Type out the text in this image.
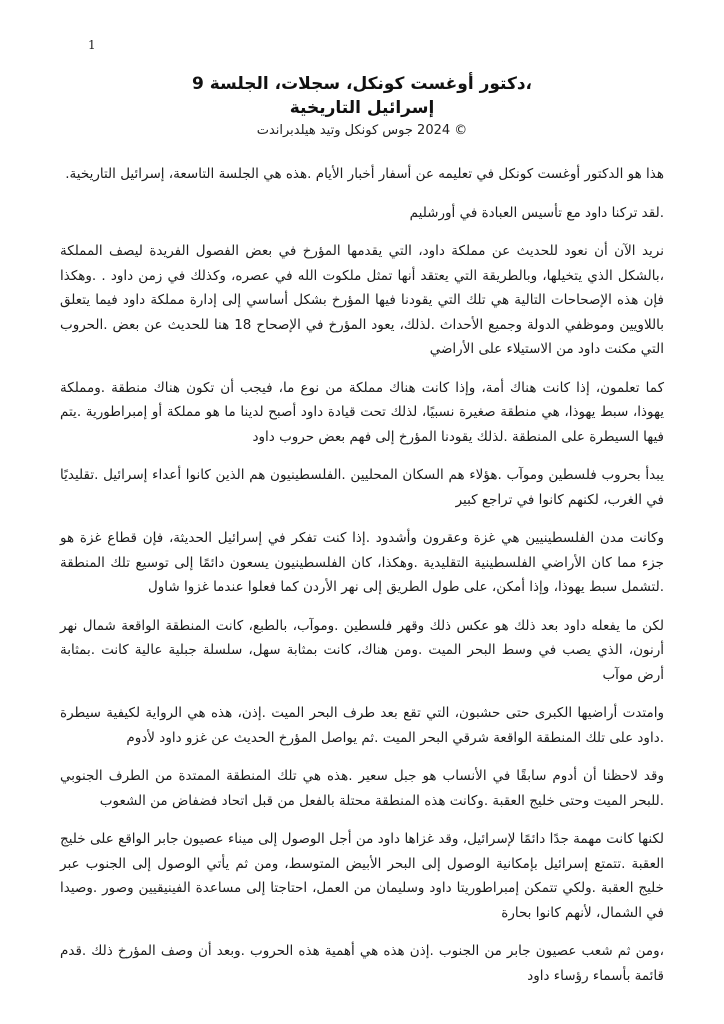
1
،دكتور أوغست كونكل، سجلات، الجلسة 9
إسرائيل التاريخية
© 2024 جوس كونكل وتيد هيلدبراندت

هذا هو الدكتور أوغست كونكل في تعليمه عن أسفار أخبار الأيام .هذه هي الجلسة التاسعة، إسرائيل التاريخية.

.لقد تركنا داود مع تأسيس العبادة في أورشليم

نريد الآن أن نعود للحديث عن مملكة داود، التي يقدمها المؤرخ في بعض الفصول الفريدة ليصف المملكة ،بالشكل الذي يتخيلها، وبالطريقة التي يعتقد أنها تمثل ملكوت الله في عصره، وكذلك في زمن داود . .وهكذا فإن هذه الإصحاحات التالية هي تلك التي يقودنا فيها المؤرخ بشكل أساسي إلى إدارة مملكة داود فيما يتعلق باللاويين وموظفي الدولة وجميع الأحداث .لذلك، يعود المؤرخ في الإصحاح 18 هنا للحديث عن بعض .الحروب التي مكنت داود من الاستيلاء على الأراضي

كما تعلمون، إذا كانت هناك أمة، وإذا كانت هناك مملكة من نوع ما، فيجب أن تكون هناك منطقة .ومملكة يهوذا، سبط يهوذا، هي منطقة صغيرة نسبيًا، لذلك تحت قيادة داود أصبح لدينا ما هو مملكة أو إمبراطورية .يتم فيها السيطرة على المنطقة .لذلك يقودنا المؤرخ إلى فهم بعض حروب داود

يبدأ بحروب فلسطين وموآب .هؤلاء هم السكان المحليين .الفلسطينيون هم الذين كانوا أعداء إسرائيل .تقليديًا في الغرب، لكنهم كانوا في تراجع كبير

وكانت مدن الفلسطينيين هي غزة وعقرون وأشدود .إذا كنت تفكر في إسرائيل الحديثة، فإن قطاع غزة هو جزء مما كان الأراضي الفلسطينية التقليدية .وهكذا، كان الفلسطينيون يسعون دائمًا إلى توسيع تلك المنطقة .لتشمل سبط يهوذا، وإذا أمكن، على طول الطريق إلى نهر الأردن كما فعلوا عندما غزوا شاول

لكن ما يفعله داود بعد ذلك هو عكس ذلك وقهر فلسطين .وموآب، بالطبع، كانت المنطقة الواقعة شمال نهر أرنون، الذي يصب في وسط البحر الميت .ومن هناك، كانت بمثابة سهل، سلسلة جبلية عالية كانت .بمثابة أرض موآب

وامتدت أراضيها الكبرى حتى حشبون، التي تقع بعد طرف البحر الميت .إذن، هذه هي الرواية لكيفية سيطرة .داود على تلك المنطقة الواقعة شرقي البحر الميت .ثم يواصل المؤرخ الحديث عن غزو داود لأدوم

وقد لاحظنا أن أدوم سابقًا في الأنساب هو جبل سعير .هذه هي تلك المنطقة الممتدة من الطرف الجنوبي .للبحر الميت وحتى خليج العقبة .وكانت هذه المنطقة محتلة بالفعل من قبل اتحاد فضفاض من الشعوب

لكنها كانت مهمة جدًا دائمًا لإسرائيل، وقد غزاها داود من أجل الوصول إلى ميناء عصيون جابر الواقع على خليج العقبة .تتمتع إسرائيل بإمكانية الوصول إلى البحر الأبيض المتوسط، ومن ثم يأتي الوصول إلى الجنوب عبر خليج العقبة .ولكي تتمكن إمبراطوريتا داود وسليمان من العمل، احتاجتا إلى مساعدة الفينيقيين وصور .وصيدا في الشمال، لأنهم كانوا بحارة

،ومن ثم شعب عصيون جابر من الجنوب .إذن هذه هي أهمية هذه الحروب .وبعد أن وصف المؤرخ ذلك .قدم قائمة بأسماء رؤساء داود
